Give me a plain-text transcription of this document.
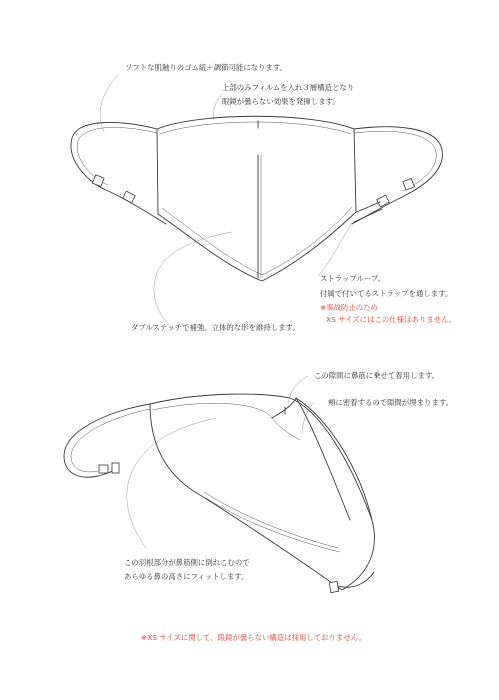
ソフトな肌触りのゴム紐＋調節可能になります。
上部のみフィルムを入れ３層構造となり
眼鏡が曇らない効果を発揮します。
ストラップループ。
付属で付いてるストラップを通します。
※事故防止のため
XS サイズにはこの仕様はありません。
ダブルステッチで補強。立体的な形を維持します。
この隙間に鼻筋に乗せて着用します。
頬に密着するので隙間が埋まります。
この羽根部分が鼻筋側に倒れこむので
あらゆる鼻の高さにフィットします。
※XS サイズに関して、眼鏡が曇らない構造は採用しておりません。
